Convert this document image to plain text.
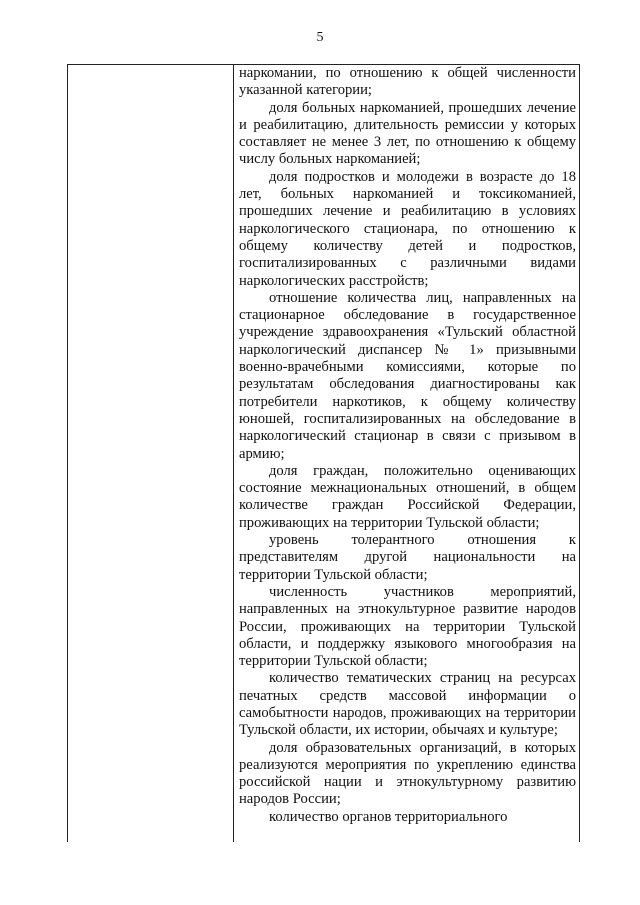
5

наркомании, по отношению к общей численности указанной категории;

доля больных наркоманией, прошедших лечение и реабилитацию, длительность ремиссии у которых составляет не менее 3 лет, по отношению к общему числу больных наркоманией;

доля подростков и молодежи в возрасте до 18 лет, больных наркоманией и токсикоманией, прошедших лечение и реабилитацию в условиях наркологического стационара, по отношению к общему количеству детей и подростков, госпитализированных с различными видами наркологических расстройств;

отношение количества лиц, направленных на стационарное обследование в государственное учреждение здравоохранения «Тульский областной наркологический диспансер № 1» призывными военно-врачебными комиссиями, которые по результатам обследования диагностированы как потребители наркотиков, к общему количеству юношей, госпитализированных на обследование в наркологический стационар в связи с призывом в армию;

доля граждан, положительно оценивающих состояние межнациональных отношений, в общем количестве граждан Российской Федерации, проживающих на территории Тульской области;

уровень толерантного отношения к представителям другой национальности на территории Тульской области;

численность участников мероприятий, направленных на этнокультурное развитие народов России, проживающих на территории Тульской области, и поддержку языкового многообразия на территории Тульской области;

количество тематических страниц на ресурсах печатных средств массовой информации о самобытности народов, проживающих на территории Тульской области, их истории, обычаях и культуре;

доля образовательных организаций, в которых реализуются мероприятия по укреплению единства российской нации и этнокультурному развитию народов России;

количество органов территориального
